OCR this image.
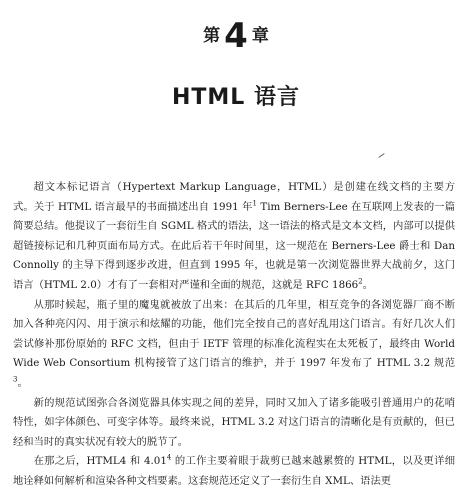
第 4 章
HTML 语言

超文本标记语言（Hypertext Markup Language，HTML）是创建在线文档的主要方式。关于 HTML 语言最早的书面描述出自 1991 年$^1$ Tim Berners-Lee 在互联网上发表的一篇简要总结。他提议了一套衍生自 SGML 格式的语法，这一语法的格式是文本文档，内部可以提供超链接标记和几种页面布局方式。在此后若干年时间里，这一规范在 Berners-Lee 爵士和 Dan Connolly 的主导下得到逐步改进，但直到 1995 年，也就是第一次浏览器世界大战前夕，这门语言（HTML 2.0）才有了一套相对严谨和全面的规范，这就是 RFC 1866$^2$。

从那时候起，瓶子里的魔鬼就被放了出来：在其后的几年里，相互竞争的各浏览器厂商不断加入各种亮闪闪、用于演示和炫耀的功能，他们完全按自己的喜好乱用这门语言。有好几次人们尝试修补那份原始的 RFC 文档，但由于 IETF 管理的标准化流程实在太死板了，最终由 World Wide Web Consortium 机构接管了这门语言的维护，并于 1997 年发布了 HTML 3.2 规范$^3$。

新的规范试图弥合各浏览器具体实现之间的差异，同时又加入了诸多能吸引普通用户的花哨特性，如字体颜色、可变字体等。最终来说，HTML 3.2 对这门语言的清晰化是有贡献的，但已经和当时的真实状况有较大的脱节了。

在那之后，HTML4 和 4.01$^4$ 的工作主要着眼于裁剪已越来越累赘的 HTML，以及更详细地诠释如何解析和渲染各种文档要素。这套规范还定义了一套衍生自 XML、语法更
